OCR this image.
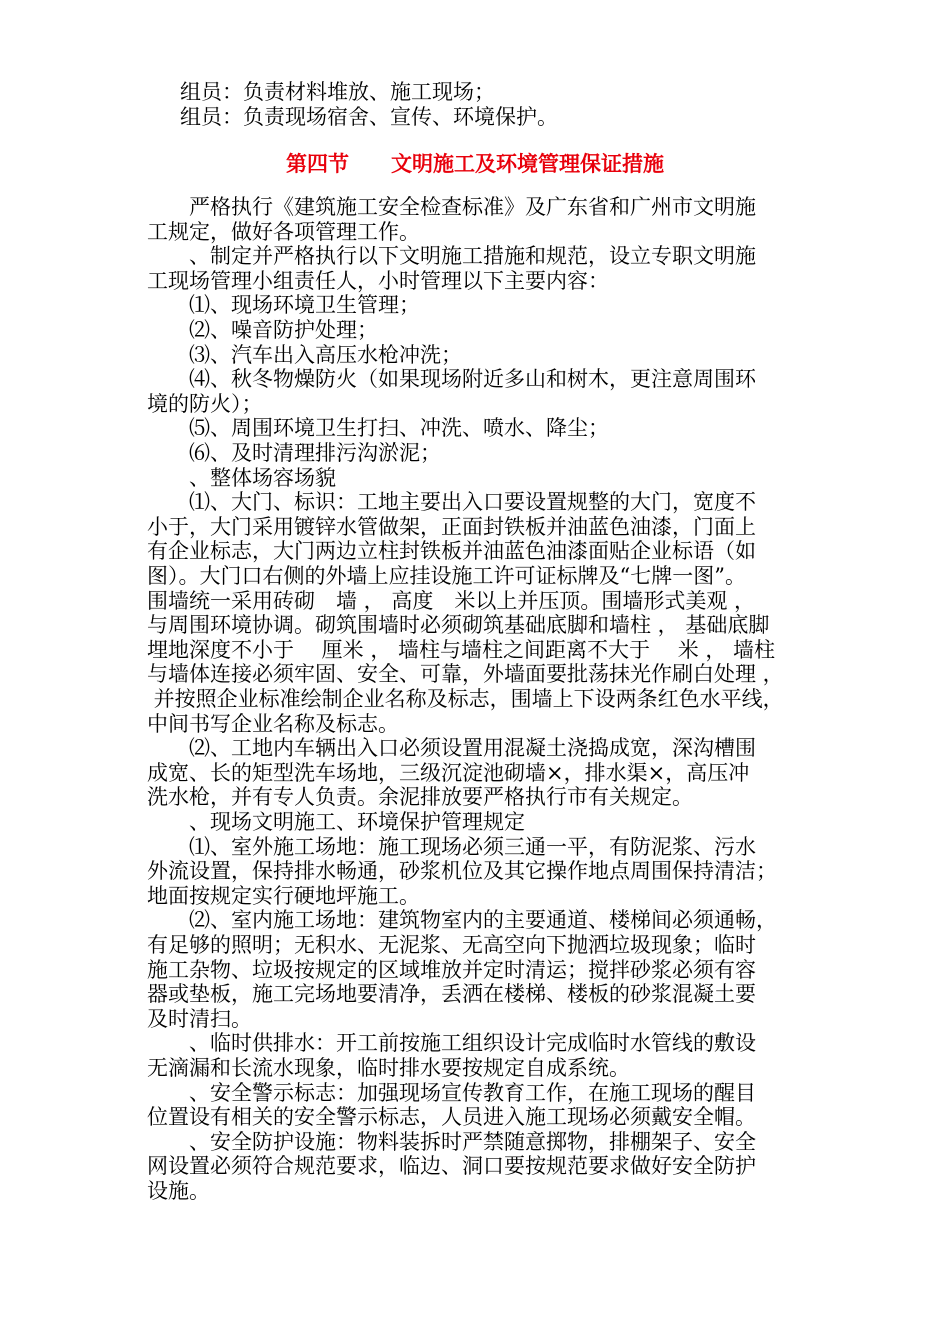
组员：负责材料堆放、施工现场；
组员：负责现场宿舍、宣传、环境保护。
第四节　　文明施工及环境管理保证措施
　　严格执行《建筑施工安全检查标准》及广东省和广州市文明施
工规定，做好各项管理工作。
　　、制定并严格执行以下文明施工措施和规范，设立专职文明施
工现场管理小组责任人，小时管理以下主要内容：
　　⑴、现场环境卫生管理；
　　⑵、噪音防护处理；
　　⑶、汽车出入高压水枪冲洗；
　　⑷、秋冬物燥防火（如果现场附近多山和树木，更注意周围环
境的防火）；
　　⑸、周围环境卫生打扫、冲洗、喷水、降尘；
　　⑹、及时清理排污沟淤泥；
　　、整体场容场貌
　　⑴、大门、标识：工地主要出入口要设置规整的大门，宽度不
小于，大门采用镀锌水管做架，正面封铁板并油蓝色油漆，门面上
有企业标志，大门两边立柱封铁板并油蓝色油漆面贴企业标语（如
图）。大门口右侧的外墙上应挂设施工许可证标牌及“七牌一图”。
围墙统一采用砖砌　墙 ， 高度　米以上并压顶。围墙形式美观 ，
与周围环境协调。砌筑围墙时必须砌筑基础底脚和墙柱 ， 基础底脚
埋地深度不小于　 厘米 ， 墙柱与墙柱之间距离不大于　 米 ， 墙柱
与墙体连接必须牢固、安全、可靠，外墙面要批荡抹光作刷白处理 ，
并按照企业标准绘制企业名称及标志，围墙上下设两条红色水平线，
中间书写企业名称及标志。
　　⑵、工地内车辆出入口必须设置用混凝土浇捣成宽，深沟槽围
成宽、长的矩型洗车场地，三级沉淀池砌墙×，排水渠×，高压冲
洗水枪，并有专人负责。余泥排放要严格执行市有关规定。
　　、现场文明施工、环境保护管理规定
　　⑴、室外施工场地：施工现场必须三通一平，有防泥浆、污水
外流设置，保持排水畅通，砂浆机位及其它操作地点周围保持清洁；
地面按规定实行硬地坪施工。
　　⑵、室内施工场地：建筑物室内的主要通道、楼梯间必须通畅，
有足够的照明；无积水、无泥浆、无高空向下抛洒垃圾现象；临时
施工杂物、垃圾按规定的区域堆放并定时清运；搅拌砂浆必须有容
器或垫板，施工完场地要清净，丢洒在楼梯、楼板的砂浆混凝土要
及时清扫。
　　、临时供排水：开工前按施工组织设计完成临时水管线的敷设
无滴漏和长流水现象，临时排水要按规定自成系统。
　　、安全警示标志：加强现场宣传教育工作，在施工现场的醒目
位置设有相关的安全警示标志，人员进入施工现场必须戴安全帽。
　　、安全防护设施：物料装拆时严禁随意掷物，排棚架子、安全
网设置必须符合规范要求，临边、洞口要按规范要求做好安全防护
设施。
